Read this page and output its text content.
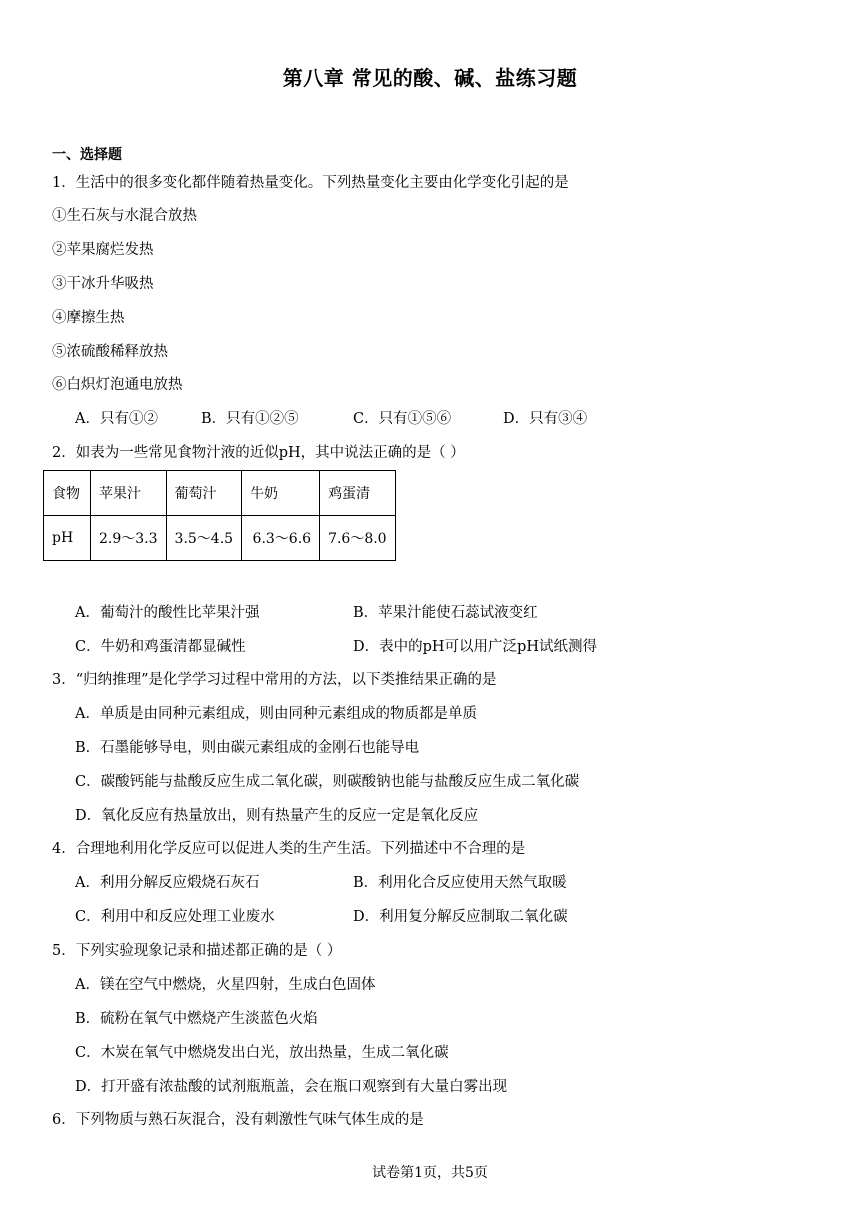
第八章 常见的酸、碱、盐练习题
一、选择题
1．生活中的很多变化都伴随着热量变化。下列热量变化主要由化学变化引起的是
①生石灰与水混合放热
②苹果腐烂发热
③干冰升华吸热
④摩擦生热
⑤浓硫酸稀释放热
⑥白炽灯泡通电放热
A．只有①②	B．只有①②⑤	C．只有①⑤⑥	D．只有③④
2．如表为一些常见食物汁液的近似pH，其中说法正确的是（ ）
食物	苹果汁	葡萄汁	牛奶	鸡蛋清
pH	2.9～3.3	3.5～4.5	6.3～6.6	7.6～8.0
A．葡萄汁的酸性比苹果汁强	B．苹果汁能使石蕊试液变红
C．牛奶和鸡蛋清都显碱性	D．表中的pH可以用广泛pH试纸测得
3．“归纳推理”是化学学习过程中常用的方法，以下类推结果正确的是
A．单质是由同种元素组成，则由同种元素组成的物质都是单质
B．石墨能够导电，则由碳元素组成的金刚石也能导电
C．碳酸钙能与盐酸反应生成二氧化碳，则碳酸钠也能与盐酸反应生成二氧化碳
D．氧化反应有热量放出，则有热量产生的反应一定是氧化反应
4．合理地利用化学反应可以促进人类的生产生活。下列描述中不合理的是
A．利用分解反应煅烧石灰石	B．利用化合反应使用天然气取暖
C．利用中和反应处理工业废水	D．利用复分解反应制取二氧化碳
5．下列实验现象记录和描述都正确的是（ ）
A．镁在空气中燃烧，火星四射，生成白色固体
B．硫粉在氧气中燃烧产生淡蓝色火焰
C．木炭在氧气中燃烧发出白光，放出热量，生成二氧化碳
D．打开盛有浓盐酸的试剂瓶瓶盖，会在瓶口观察到有大量白雾出现
6．下列物质与熟石灰混合，没有刺激性气味气体生成的是
试卷第1页，共5页
